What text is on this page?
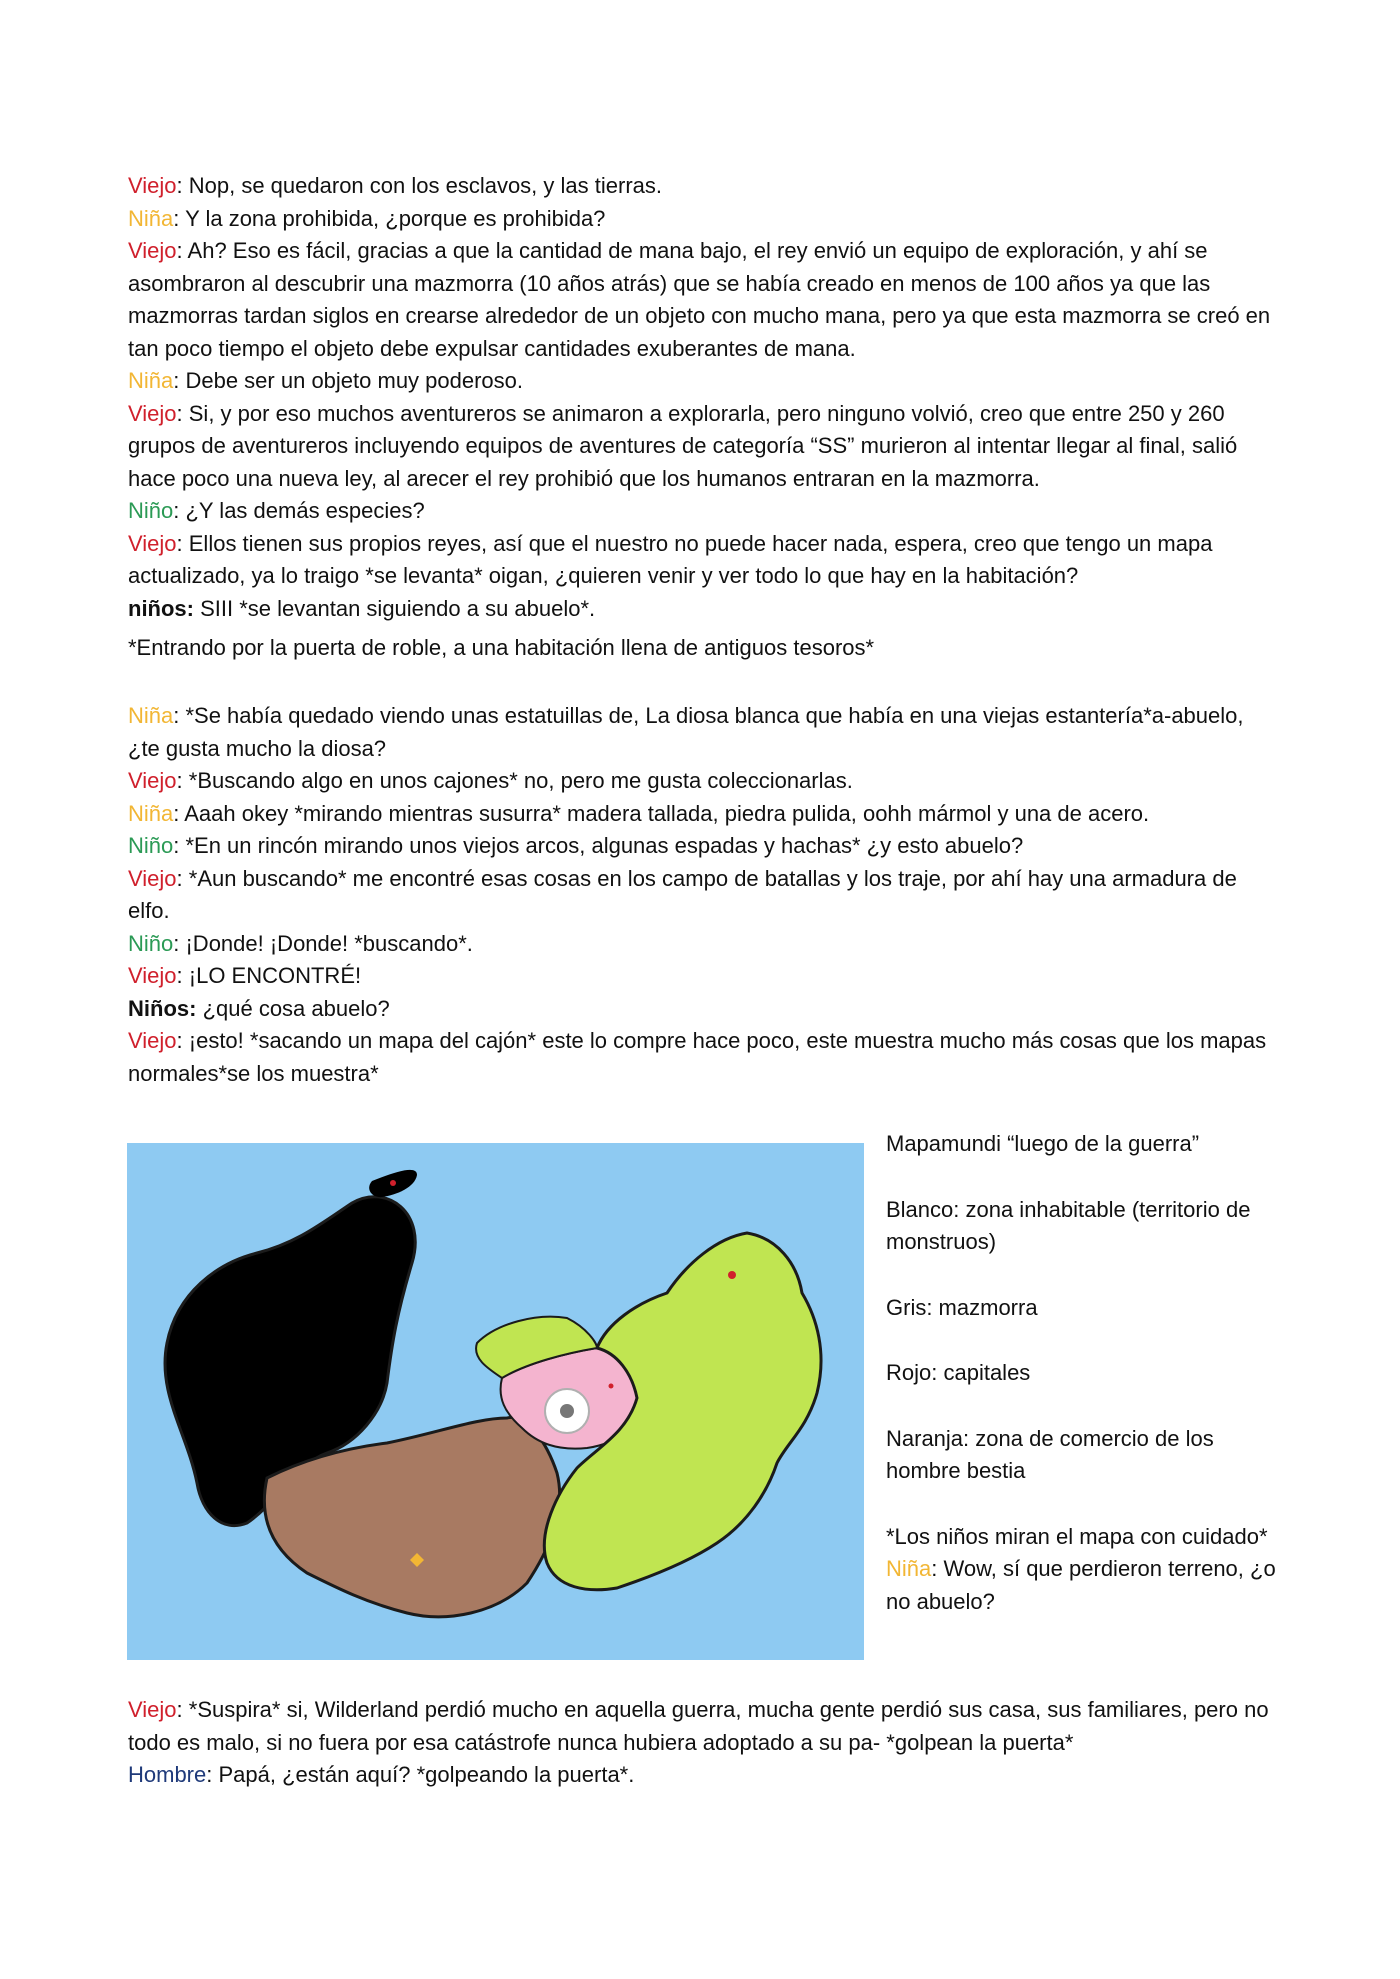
Viejo: Nop, se quedaron con los esclavos, y las tierras.

Niña: Y la zona prohibida, ¿porque es prohibida?

Viejo: Ah? Eso es fácil, gracias a que la cantidad de mana bajo, el rey envió un equipo de exploración, y ahí se asombraron al descubrir una mazmorra (10 años atrás) que se había creado en menos de 100 años ya que las mazmorras tardan siglos en crearse alrededor de un objeto con mucho mana, pero ya que esta mazmorra se creó en tan poco tiempo el objeto debe expulsar cantidades exuberantes de mana.

Niña: Debe ser un objeto muy poderoso.

Viejo: Si, y por eso muchos aventureros se animaron a explorarla, pero ninguno volvió, creo que entre 250 y 260 grupos de aventureros incluyendo equipos de aventures de categoría “SS” murieron al intentar llegar al final, salió hace poco una nueva ley, al arecer el rey prohibió que los humanos entraran en la mazmorra.

Niño: ¿Y las demás especies?

Viejo: Ellos tienen sus propios reyes, así que el nuestro no puede hacer nada, espera, creo que tengo un mapa actualizado, ya lo traigo *se levanta* oigan, ¿quieren venir y ver todo lo que hay en la habitación?

niños: SIII *se levantan siguiendo a su abuelo*.

*Entrando por la puerta de roble, a una habitación llena de antiguos tesoros*

Niña: *Se había quedado viendo unas estatuillas de, La diosa blanca que había en una viejas estantería*a-abuelo, ¿te gusta mucho la diosa?

Viejo: *Buscando algo en unos cajones* no, pero me gusta coleccionarlas.

Niña: Aaah okey *mirando mientras susurra* madera tallada, piedra pulida, oohh mármol y una de acero.

Niño: *En un rincón mirando unos viejos arcos, algunas espadas y hachas* ¿y esto abuelo?

Viejo: *Aun buscando* me encontré esas cosas en los campo de batallas y los traje, por ahí hay una armadura de elfo.

Niño: ¡Donde! ¡Donde! *buscando*.

Viejo: ¡LO ENCONTRÉ!

Niños: ¿qué cosa abuelo?

Viejo: ¡esto! *sacando un mapa del cajón* este lo compre hace poco, este muestra mucho más cosas que los mapas normales*se los muestra*

Mapamundi “luego de la guerra”

Blanco: zona inhabitable (territorio de monstruos)

Gris: mazmorra

Rojo: capitales

Naranja: zona de comercio de los hombre bestia

*Los niños miran el mapa con cuidado*

Niña: Wow, sí que perdieron terreno, ¿o no abuelo?

Viejo: *Suspira* si, Wilderland perdió mucho en aquella guerra, mucha gente perdió sus casa, sus familiares, pero no todo es malo, si no fuera por esa catástrofe nunca hubiera adoptado a su pa- *golpean la puerta*

Hombre: Papá, ¿están aquí? *golpeando la puerta*.
